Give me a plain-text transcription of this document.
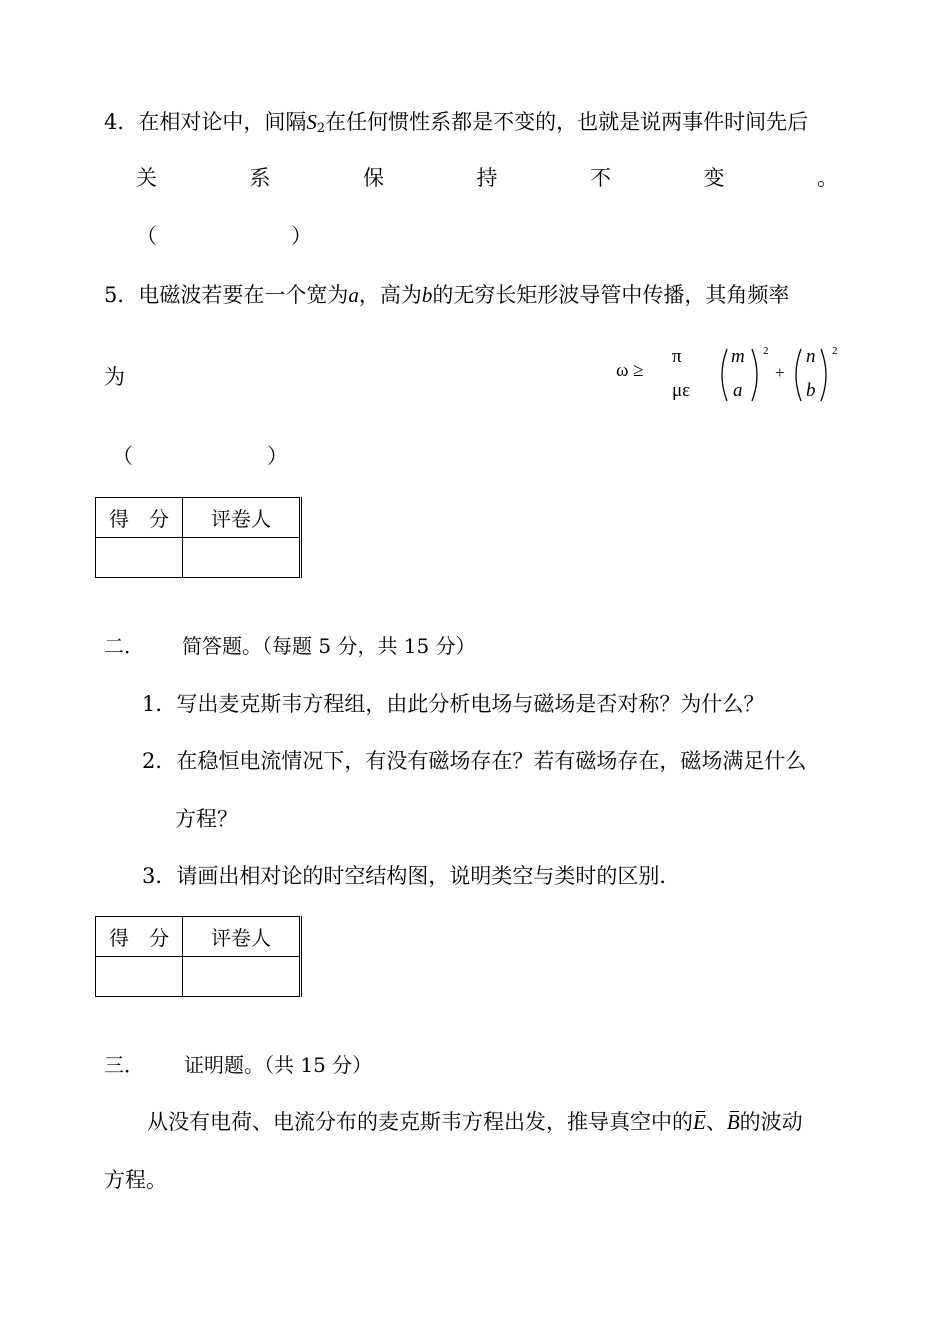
4．在相对论中，间隔S2在任何惯性系都是不变的，也就是说两事件时间先后
关	系	保	持	不	变	。
（	）
5．电磁波若要在一个宽为a，高为b的无穷长矩形波导管中传播，其角频率
为	ω ≥
π
με
m
a
2
+
n
b
2
（	）
得　分	评卷人

二． 简答题。（每题 5 分，共 15 分）
1．写出麦克斯韦方程组，由此分析电场与磁场是否对称？为什么？
2．在稳恒电流情况下，有没有磁场存在？若有磁场存在，磁场满足什么
方程？
3．请画出相对论的时空结构图，说明类空与类时的区别．
得　分	评卷人

三． 证明题。（共 15 分）
从没有电荷、电流分布的麦克斯韦方程出发，推导真空中的E、B的波动
方程。
